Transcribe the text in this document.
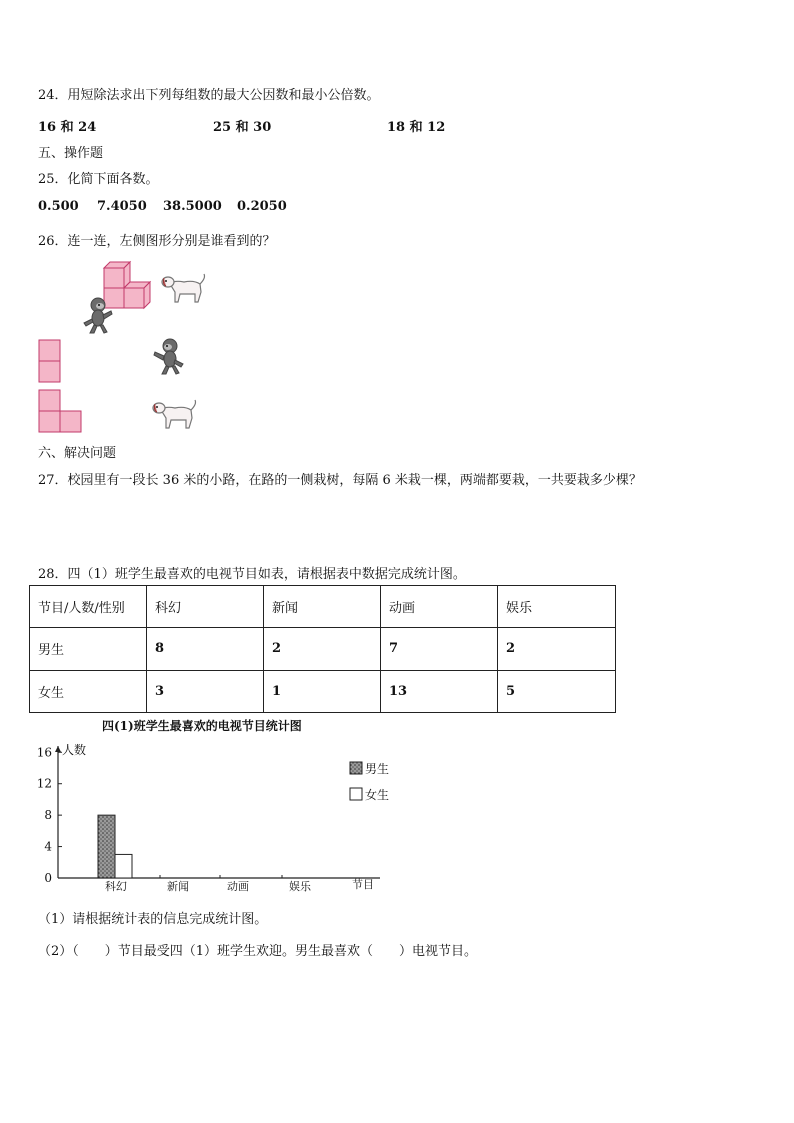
24．用短除法求出下列每组数的最大公因数和最小公倍数。
16 和 24	25 和 30	18 和 12
五、操作题
25．化简下面各数。
0.500 7.4050 38.5000 0.2050
26．连一连，左侧图形分别是谁看到的？
六、解决问题
27．校园里有一段长 36 米的小路，在路的一侧栽树，每隔 6 米栽一棵，两端都要栽，一共要栽多少棵？
28．四（1）班学生最喜欢的电视节目如表，请根据表中数据完成统计图。
节目/人数/性别	科幻	新闻	动画	娱乐
男生	8	2	7	2
女生	3	1	13	5
四(1)班学生最喜欢的电视节目统计图
人数
节目
0
4
8
12
16
科幻	新闻	动画	娱乐
男生
女生
（1）请根据统计表的信息完成统计图。
（2）（　　）节目最受四（1）班学生欢迎。男生最喜欢（　　）电视节目。
